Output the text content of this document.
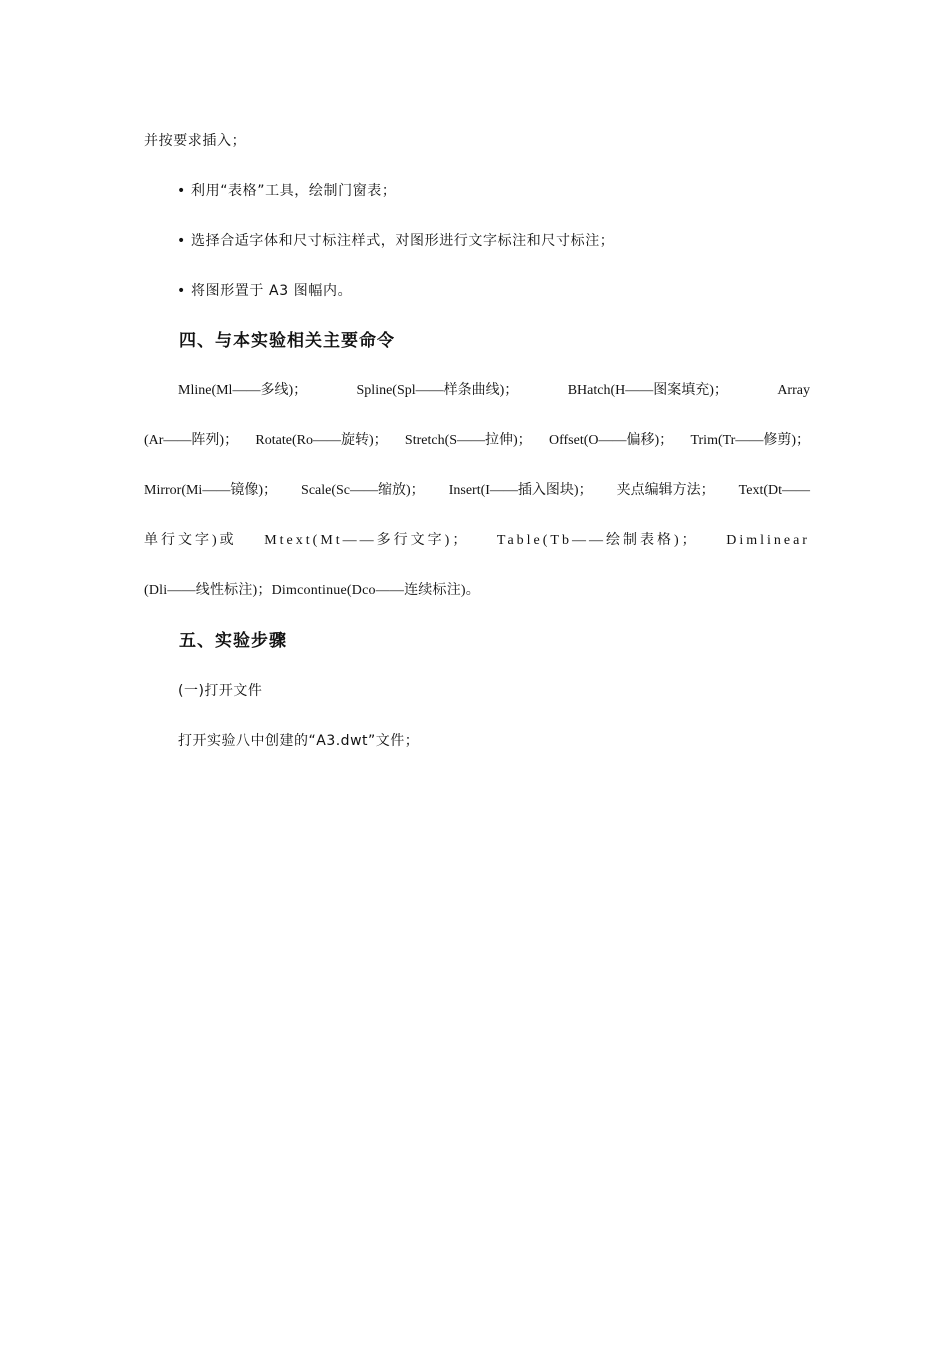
并按要求插入；
• 利用“表格”工具，绘制门窗表；
• 选择合适字体和尺寸标注样式，对图形进行文字标注和尺寸标注；
• 将图形置于 A3 图幅内。
四、与本实验相关主要命令
Mline(Ml——多线)；	Spline(Spl——样条曲线)；	BHatch(H——图案填充)；	Array
(Ar——阵列)； Rotate(Ro——旋转)； Stretch(S——拉伸)； Offset(O——偏移)； Trim(Tr——修剪)；
Mirror(Mi——镜像)； Scale(Sc——缩放)； Insert(I——插入图块)； 夹点编辑方法； Text(Dt——
单行文字)或 Mtext(Mt——多行文字)； Table(Tb——绘制表格)； Dimlinear
(Dli——线性标注)；Dimcontinue(Dco——连续标注)。
五、实验步骤
(一)打开文件
打开实验八中创建的“A3.dwt”文件；
